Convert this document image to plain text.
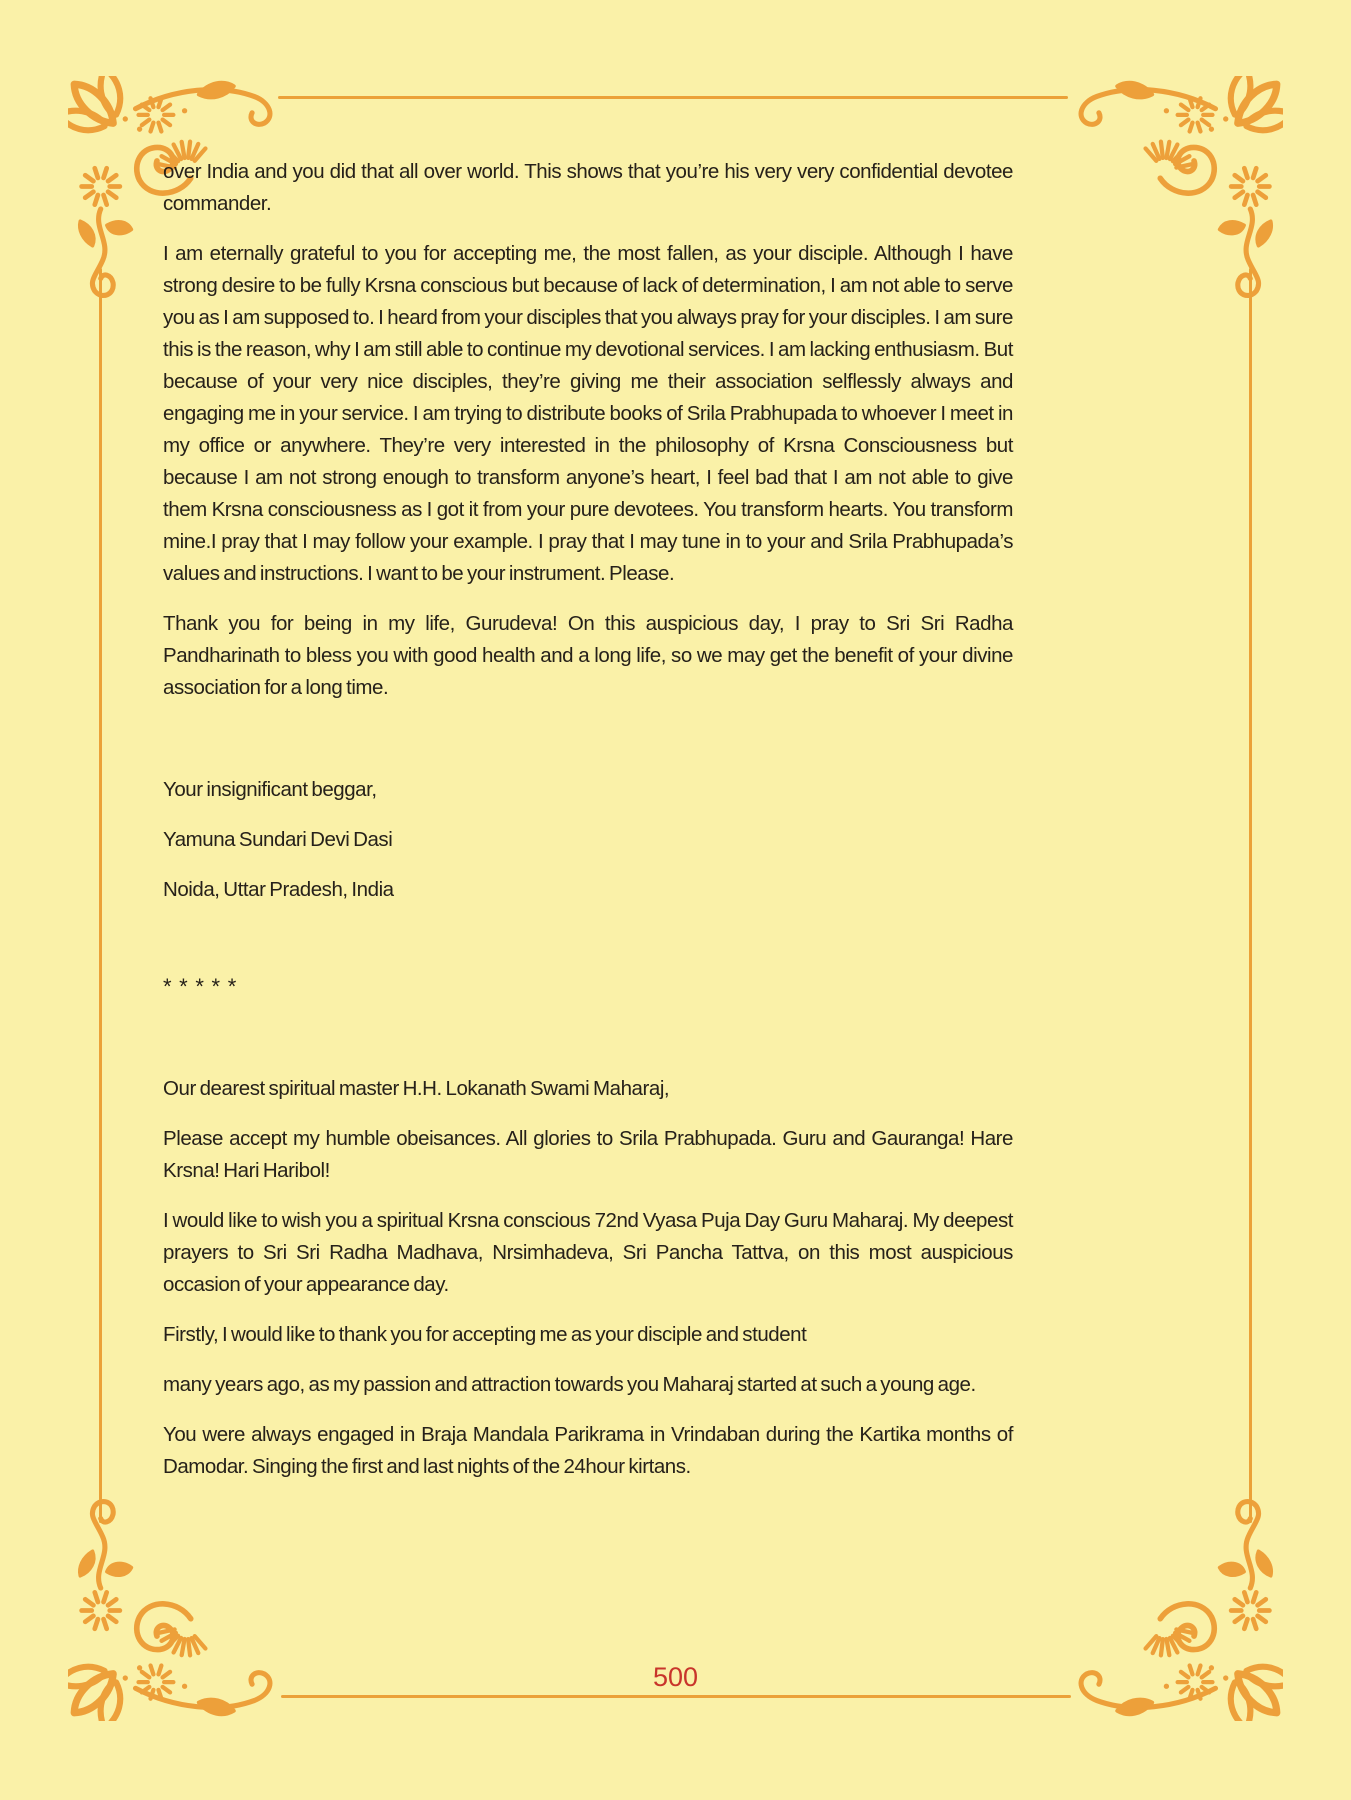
over India and you did that all over world. This shows that you’re his very very confidential devotee commander.

I am eternally grateful to you for accepting me, the most fallen, as your disciple. Although I have strong desire to be fully Krsna conscious but because of lack of determination, I am not able to serve you as I am supposed to. I heard from your disciples that you always pray for your disciples. I am sure this is the reason, why I am still able to continue my devotional services. I am lacking enthusiasm. But because of your very nice disciples, they’re giving me their association selflessly always and engaging me in your service. I am trying to distribute books of Srila Prabhupada to whoever I meet in my office or anywhere. They’re very interested in the philosophy of Krsna Consciousness but because I am not strong enough to transform anyone’s heart, I feel bad that I am not able to give them Krsna consciousness as I got it from your pure devotees. You transform hearts. You transform mine.I pray that I may follow your example. I pray that I may tune in to your and Srila Prabhupada’s values and instructions. I want to be your instrument. Please.

Thank you for being in my life, Gurudeva! On this auspicious day, I pray to Sri Sri Radha Pandharinath to bless you with good health and a long life, so we may get the benefit of your divine association for a long time.

Your insignificant beggar,

Yamuna Sundari Devi Dasi

Noida, Uttar Pradesh, India

* * * * *

Our dearest spiritual master H.H. Lokanath Swami Maharaj,

Please accept my humble obeisances. All glories to Srila Prabhupada. Guru and Gauranga! Hare Krsna! Hari Haribol!

I would like to wish you a spiritual Krsna conscious 72nd Vyasa Puja Day Guru Maharaj. My deepest prayers to Sri Sri Radha Madhava, Nrsimhadeva, Sri Pancha Tattva, on this most auspicious occasion of your appearance day.

Firstly, I would like to thank you for accepting me as your disciple and student

many years ago, as my passion and attraction towards you Maharaj started at such a young age.

You were always engaged in Braja Mandala Parikrama in Vrindaban during the Kartika months of Damodar. Singing the first and last nights of the 24hour kirtans.

500
